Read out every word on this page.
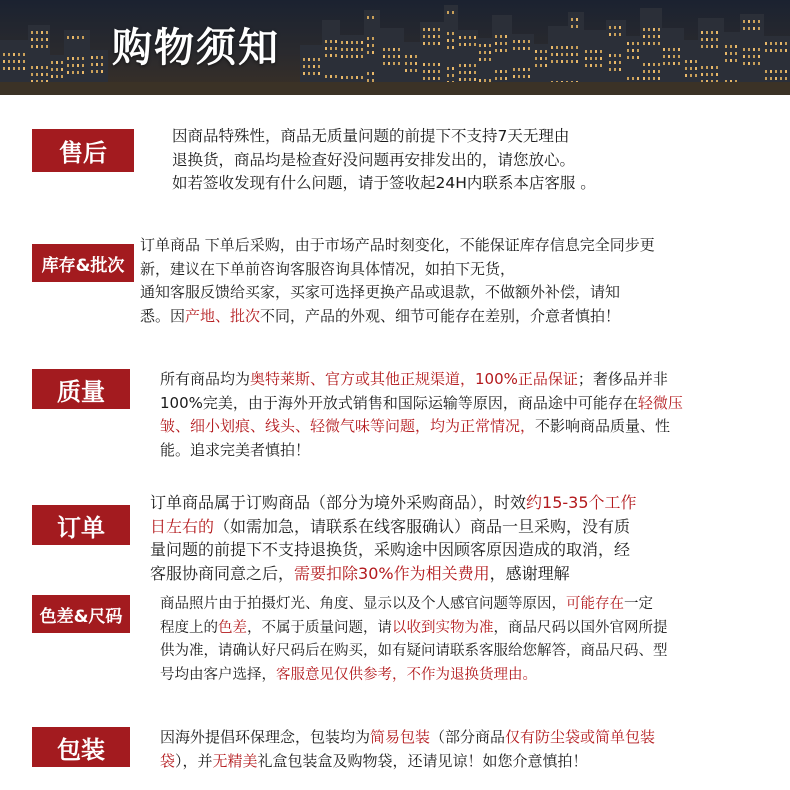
购物须知
售后
因商品特殊性，商品无质量问题的前提下不支持7天无理由
退换货，商品均是检查好没问题再安排发出的，请您放心。
如若签收发现有什么问题，请于签收起24H内联系本店客服 。
库存&批次
订单商品 下单后采购，由于市场产品时刻变化，不能保证库存信息完全同步更
新，建议在下单前咨询客服咨询具体情况，如拍下无货，
通知客服反馈给买家，买家可选择更换产品或退款，不做额外补偿，请知
悉。因产地、批次不同，产品的外观、细节可能存在差别，介意者慎拍！
质量	所有商品均为奥特莱斯、官方或其他正规渠道，100%正品保证；奢侈品并非
100%完美，由于海外开放式销售和国际运输等原因，商品途中可能存在轻微压
皱、细小划痕、线头、轻微气味等问题，均为正常情况，不影响商品质量、性
能。追求完美者慎拍！
订单
订单商品属于订购商品（部分为境外采购商品），时效约15-35个工作
日左右的（如需加急，请联系在线客服确认）商品一旦采购，没有质
量问题的前提下不支持退换货，采购途中因顾客原因造成的取消，经
客服协商同意之后，需要扣除30%作为相关费用，感谢理解
色差&尺码
商品照片由于拍摄灯光、角度、显示以及个人感官问题等原因，可能存在一定
程度上的色差，不属于质量问题，请以收到实物为准，商品尺码以国外官网所提
供为准，请确认好尺码后在购买，如有疑问请联系客服给您解答，商品尺码、型
号均由客户选择，客服意见仅供参考，不作为退换货理由。
包装	因海外提倡环保理念，包装均为简易包装（部分商品仅有防尘袋或简单包装
袋），并无精美礼盒包装盒及购物袋，还请见谅！如您介意慎拍！
